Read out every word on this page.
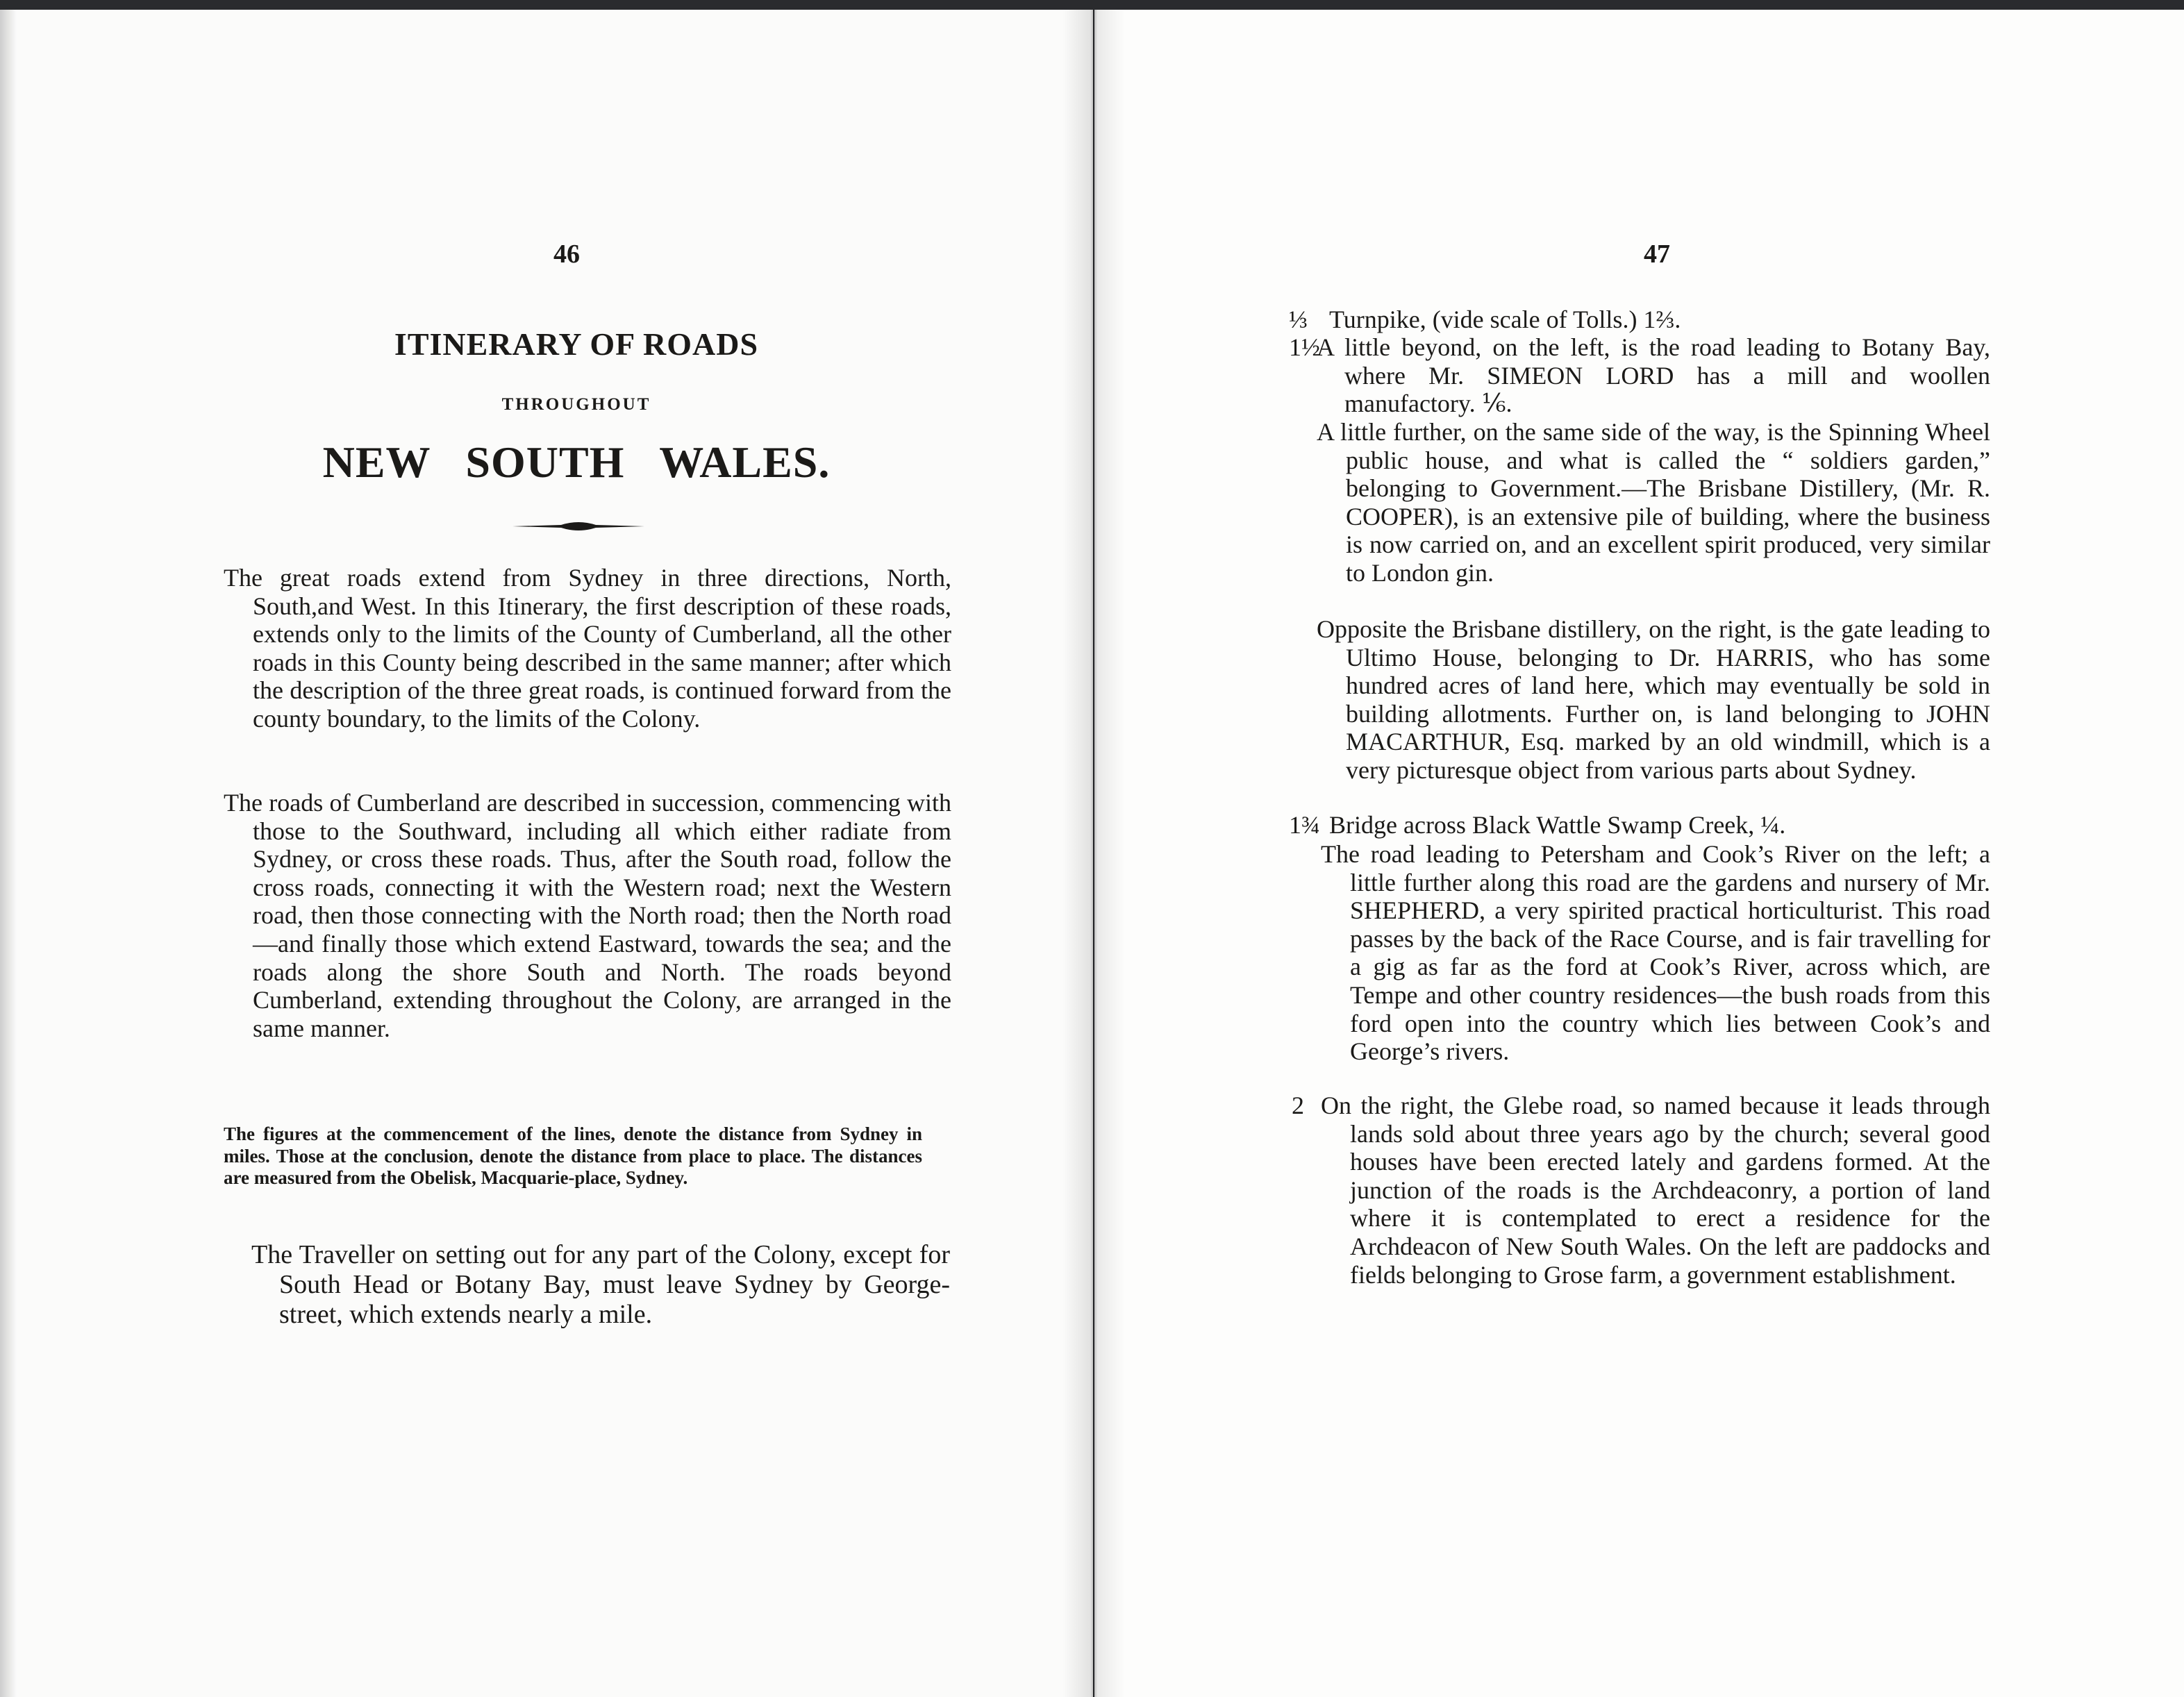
46
ITINERARY OF ROADS
THROUGHOUT
NEW SOUTH WALES.
The great roads extend from Sydney in three directions, North, South,and West. In this Itinerary, the first description of these roads, extends only to the limits of the County of Cumberland, all the other roads in this County being described in the same manner; after which the description of the three great roads, is continued forward from the county boundary, to the limits of the Colony.
The roads of Cumberland are described in succession, commencing with those to the Southward, including all which either radiate from Sydney, or cross these roads. Thus, after the South road, follow the cross roads, connecting it with the Western road; next the Western road, then those connecting with the North road; then the North road—and finally those which extend Eastward, towards the sea; and the roads along the shore South and North. The roads beyond Cumberland, extending throughout the Colony, are arranged in the same manner.
The figures at the commencement of the lines, denote the distance from Sydney in miles. Those at the conclusion, denote the distance from place to place. The distances are measured from the Obelisk, Macquarie-place, Sydney.
The Traveller on setting out for any part of the Colony, except for South Head or Botany Bay, must leave Sydney by George-street, which extends nearly a mile.
47
⅓ Turnpike, (vide scale of Tolls.) 1⅔.
1½
A little beyond, on the left, is the road leading to Botany Bay, where Mr. SIMEON LORD has a mill and woollen manufactory. ⅙.
A little further, on the same side of the way, is the Spinning Wheel public house, and what is called the “ soldiers garden,” belonging to Government.—The Brisbane Distillery, (Mr. R. COOPER), is an extensive pile of building, where the business is now carried on, and an excellent spirit produced, very similar to London gin.
Opposite the Brisbane distillery, on the right, is the gate leading to Ultimo House, belonging to Dr. HARRIS, who has some hundred acres of land here, which may eventually be sold in building allotments. Further on, is land belonging to JOHN MACARTHUR, Esq. marked by an old windmill, which is a very picturesque object from various parts about Sydney.
1¾ Bridge across Black Wattle Swamp Creek, ¼.
The road leading to Petersham and Cook’s River on the left; a little further along this road are the gardens and nursery of Mr. SHEPHERD, a very spirited practical horticulturist. This road passes by the back of the Race Course, and is fair travelling for a gig as far as the ford at Cook’s River, across which, are Tempe and other country residences—the bush roads from this ford open into the country which lies between Cook’s and George’s rivers.
2 On the right, the Glebe road, so named because it leads through lands sold about three years ago by the church; several good houses have been erected lately and gardens formed. At the junction of the roads is the Archdeaconry, a portion of land where it is contemplated to erect a residence for the Archdeacon of New South Wales. On the left are paddocks and fields belonging to Grose farm, a government establishment.
